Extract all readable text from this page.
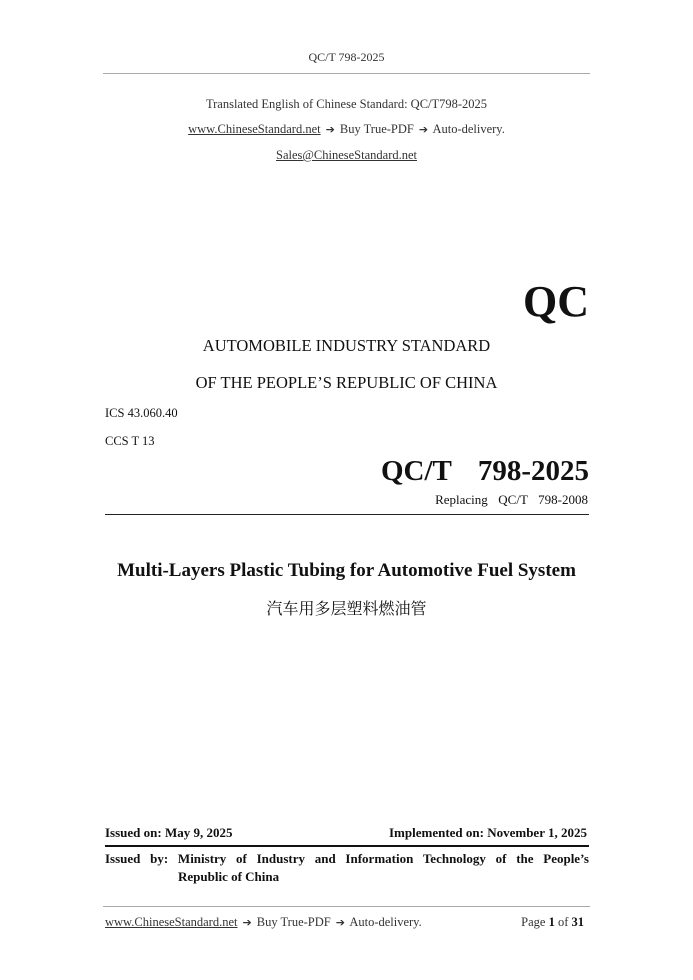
QC/T 798-2025
Translated English of Chinese Standard: QC/T798-2025
www.ChineseStandard.net ➔ Buy True-PDF ➔ Auto-delivery.
Sales@ChineseStandard.net
QC
AUTOMOBILE INDUSTRY STANDARD
OF THE PEOPLE’S REPUBLIC OF CHINA
ICS 43.060.40
CCS T 13
QC/T  798-2025
Replacing  QC/T  798-2008
Multi-Layers Plastic Tubing for Automotive Fuel System
汽车用多层塑料燃油管
Issued on: May 9, 2025	Implemented on: November 1, 2025
Issued by: Ministry of Industry and Information Technology of the People’s
Republic of China
www.ChineseStandard.net ➔ Buy True-PDF ➔ Auto-delivery.	Page 1 of 31
